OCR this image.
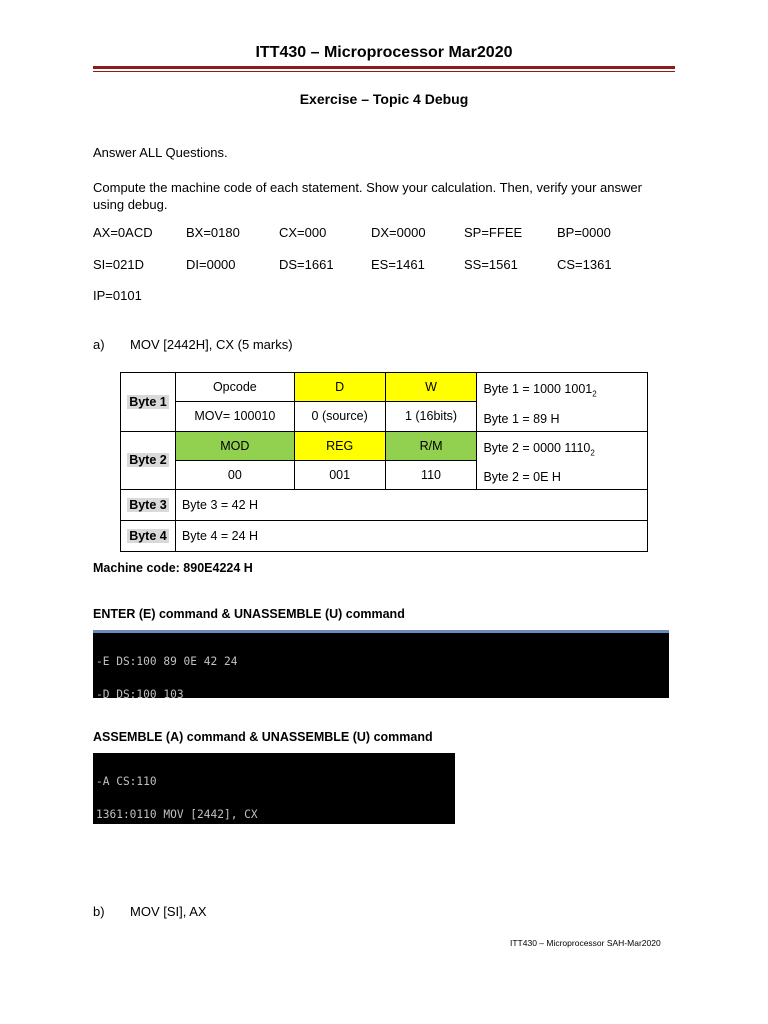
ITT430 – Microprocessor Mar2020
Exercise – Topic 4 Debug
Answer ALL Questions.
Compute the machine code of each statement. Show your calculation. Then, verify your answer
using debug.
AX=0ACD	BX=0180	CX=000	DX=0000	SP=FFEE	BP=0000
SI=021D	DI=0000	DS=1661	ES=1461	SS=1561	CS=1361
IP=0101
a) MOV [2442H], CX (5 marks)
Byte 1	Opcode	D	W	Byte 1 = 1000 $1001_2$
Byte 1 = 89 H

	MOV= 100010	0 (source)	1 (16bits)	
Byte 2	MOD	REG	R/M	Byte 2 = 0000 $1110_2$
Byte 2 = 0E H

	00	001	110	
Byte 3	Byte 3 = 42 H			
Byte 4	Byte 4 = 24 H			
Machine code: 890E4224 H
ENTER (E) command & UNASSEMBLE (U) command

-E DS:100 89 0E 42 24

-D DS:100 103

ASSEMBLE (A) command & UNASSEMBLE (U) command

-A CS:110

1361:0110 MOV [2442], CX

b) MOV [SI], AX
ITT430 – Microprocessor SAH-Mar2020
